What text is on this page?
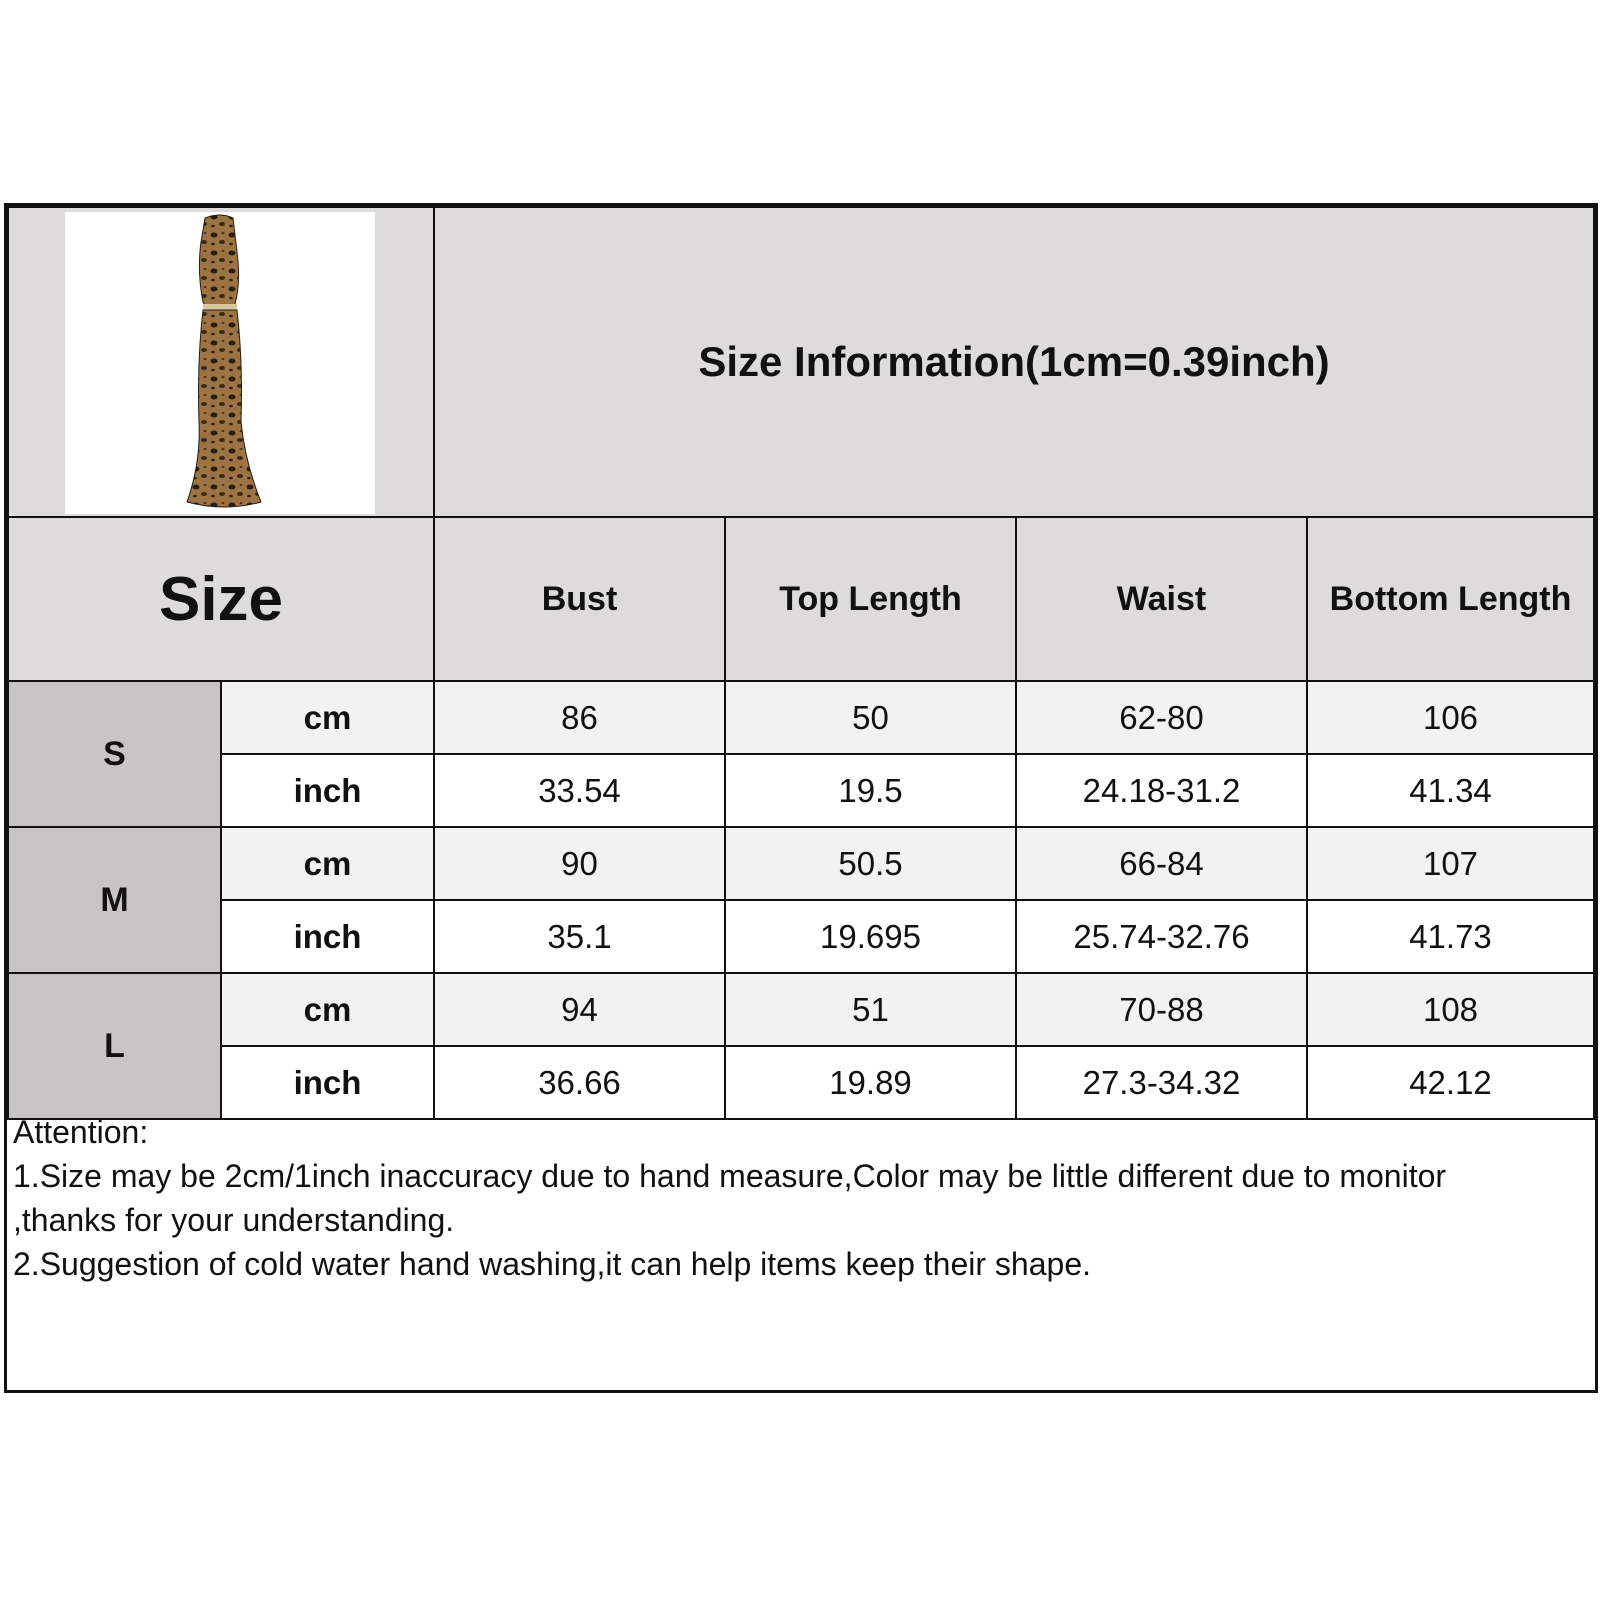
Size Information(1cm=0.39inch)
Size	Bust	Top Length	Waist	Bottom Length
S
cm	86	50	62-80	106
inch	33.54	19.5	24.18-31.2	41.34
M
cm	90	50.5	66-84	107
inch	35.1	19.695	25.74-32.76	41.73
L
cm	94	51	70-88	108
inch	36.66	19.89	27.3-34.32	42.12
Attention:
1.Size may be 2cm/1inch inaccuracy due to hand measure,Color may be little different due to monitor
,thanks for your understanding.
2.Suggestion of cold water hand washing,it can help items keep their shape.
